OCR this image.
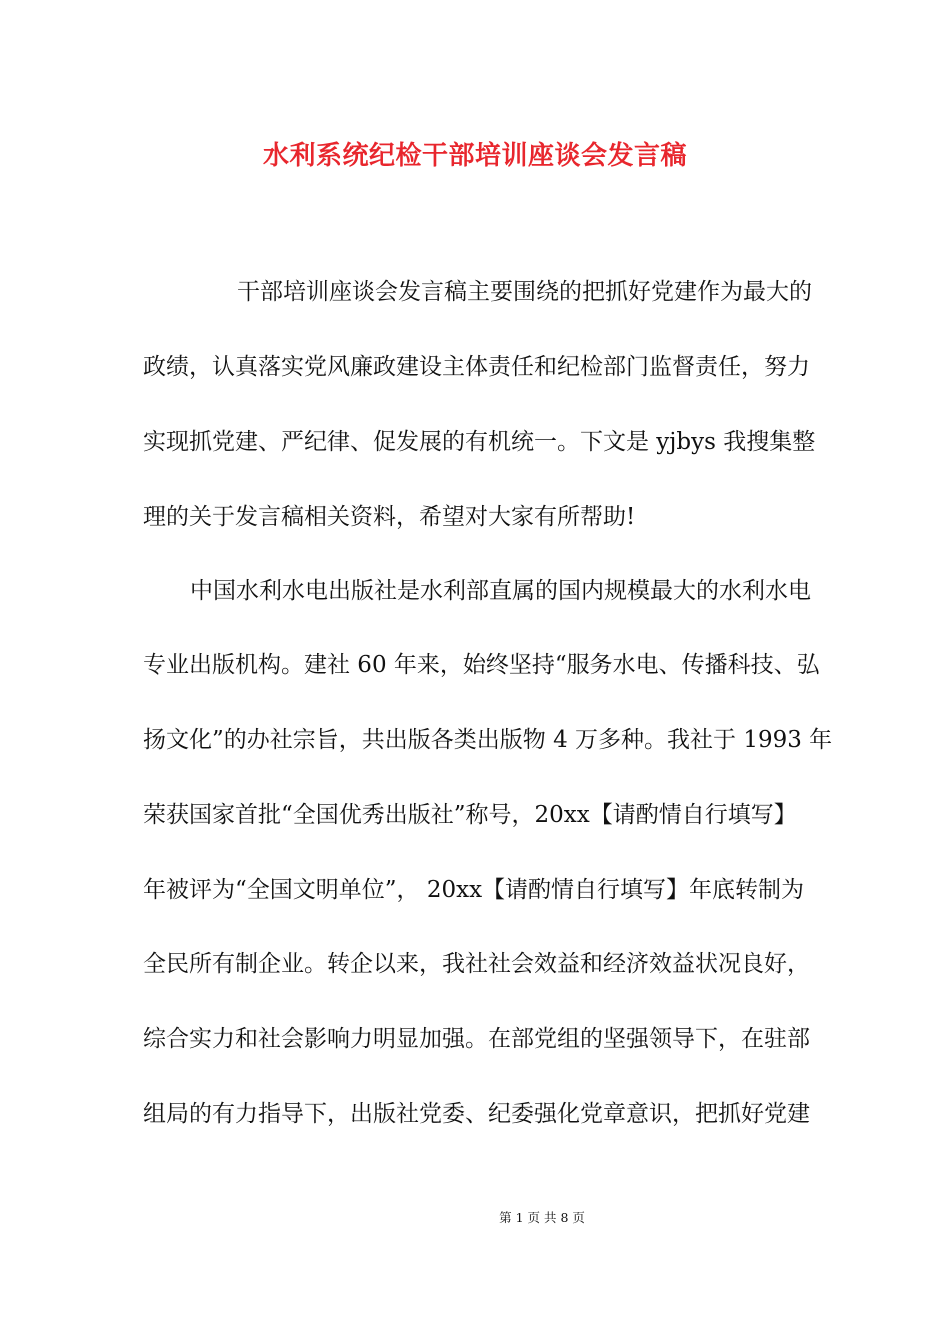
水利系统纪检干部培训座谈会发言稿
干部培训座谈会发言稿主要围绕的把抓好党建作为最大的
政绩，认真落实党风廉政建设主体责任和纪检部门监督责任，努力
实现抓党建、严纪律、促发展的有机统一。下文是 yjbys 我搜集整
理的关于发言稿相关资料，希望对大家有所帮助!
中国水利水电出版社是水利部直属的国内规模最大的水利水电
专业出版机构。建社 60 年来，始终坚持“服务水电、传播科技、弘
扬文化”的办社宗旨，共出版各类出版物 4 万多种。我社于 1993 年
荣获国家首批“全国优秀出版社”称号，20xx【请酌情自行填写】
年被评为“全国文明单位”， 20xx【请酌情自行填写】年底转制为
全民所有制企业。转企以来，我社社会效益和经济效益状况良好，
综合实力和社会影响力明显加强。在部党组的坚强领导下，在驻部
组局的有力指导下，出版社党委、纪委强化党章意识，把抓好党建
第 1 页 共 8 页
